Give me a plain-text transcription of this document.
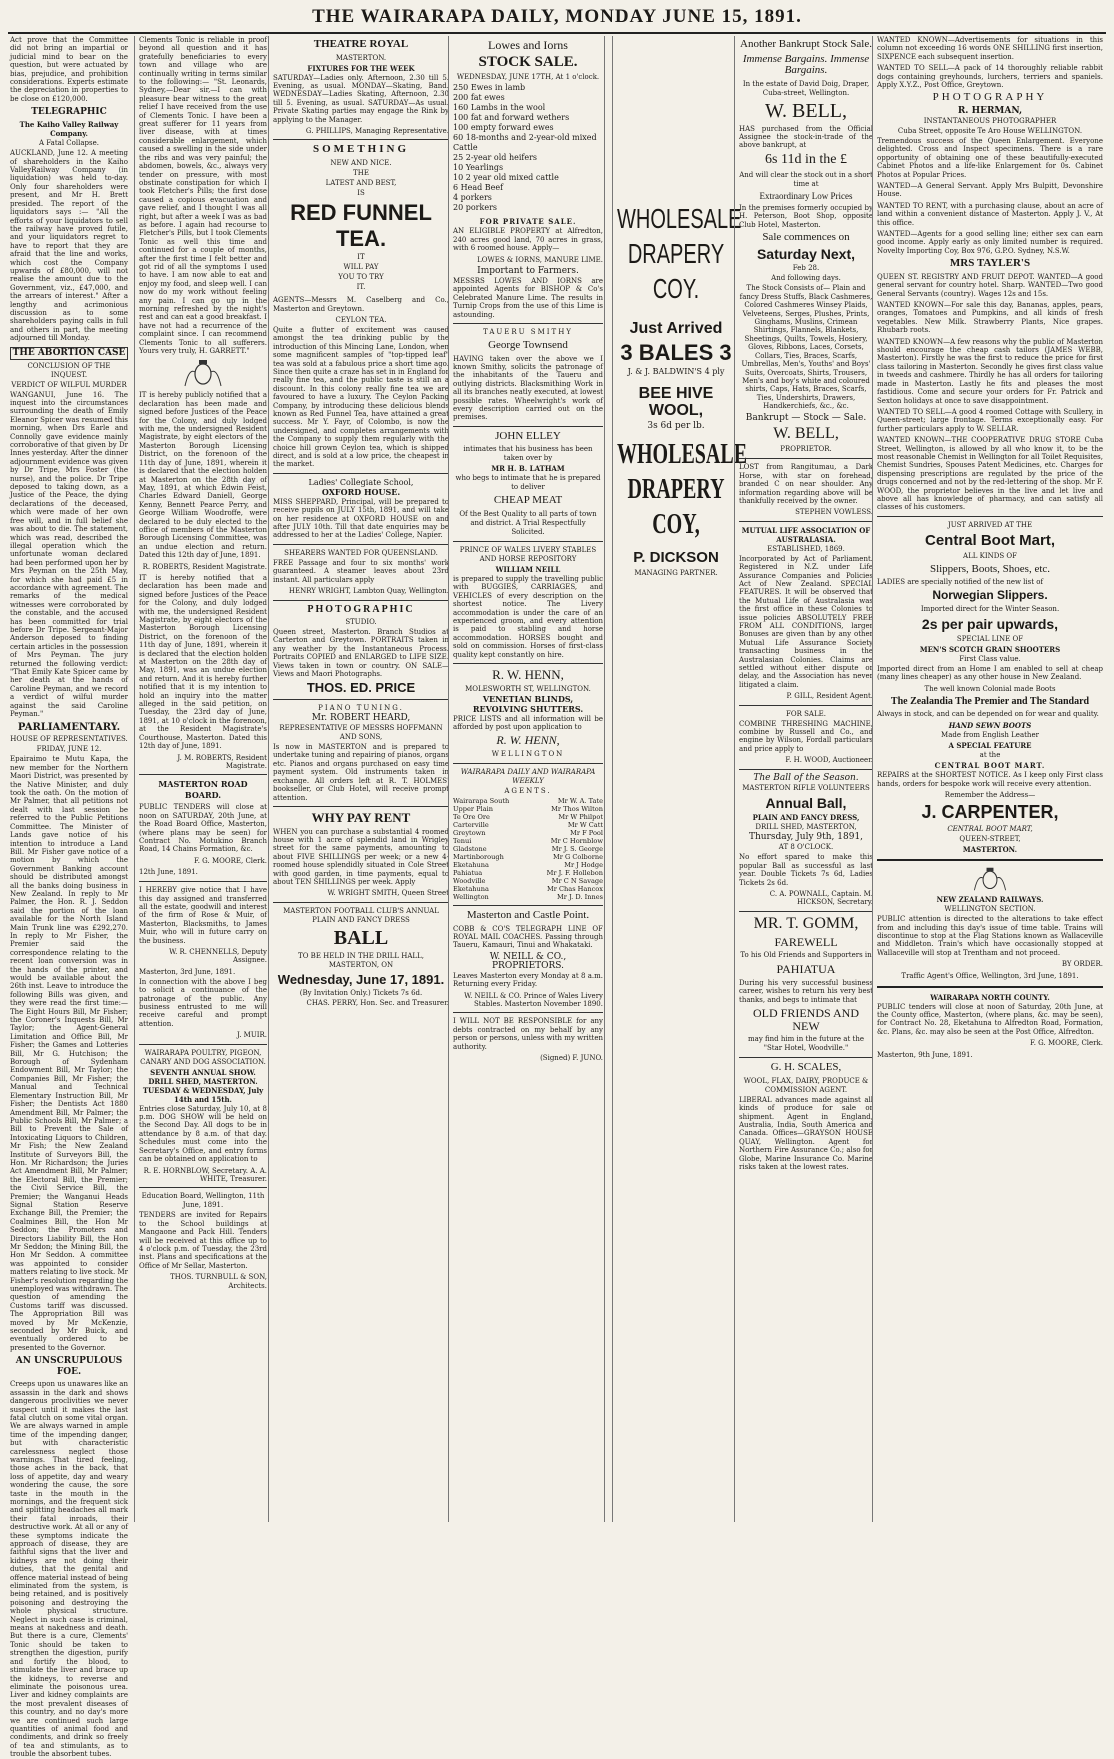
THE WAIRARAPA DAILY, MONDAY JUNE 15, 1891.

Act prove that the Committee did not bring an impartial or judicial mind to bear on the question, but were actuated by bias, prejudice, and prohibition considerations. Experts estimate the depreciation in properties to be close on £120,000.

TELEGRAPHIC
The Kaiho Valley Railway Company.
A Fatal Collapse.

AUCKLAND, June 12. A meeting of shareholders in the Kaiho ValleyRailway Company (in liquidation) was held to-day. Only four shareholders were present, and Mr H. Brett presided. The report of the liquidators says :— "All the efforts of your liquidators to sell the railway have proved futile, and your liquidators regret to have to report that they are afraid that the line and works, which cost the Company upwards of £80,000, will not realise the amount due to the Government, viz., £47,000, and the arrears of interest." After a lengthy and acrimonious discussion as to some shareholders paying calls in full and others in part, the meeting adjourned till Monday.

THE ABORTION CASE
CONCLUSION OF THE INQUEST.
VERDICT OF WILFUL MURDER

WANGANUI, June 16. The inquest into the circumstances surrounding the death of Emily Eleanor Spicer was resumed this morning, when Drs Earle and Connolly gave evidence mainly corroborative of that given by Dr Innes yesterday. After the dinner adjournment evidence was given by Dr Tripe, Mrs Foster (the nurse), and the police. Dr Tripe deposed to taking down, as a Justice of the Peace, the dying declarations of the deceased, which were made of her own free will, and in full belief she was about to die. The statement, which was read, described the illegal operation which the unfortunate woman declared had been performed upon her by Mrs Peyman on the 25th May, for which she had paid £5 in accordance with agreement. The remarks of the medical witnesses were corroborated by the constable, and the accused has been committed for trial before Dr Tripe. Sergeant-Major Anderson deposed to finding certain articles in the possession of Mrs Peyman. The jury returned the following verdict: "That Emily Kate Spicer came by her death at the hands of Caroline Peyman, and we record a verdict of wilful murder against the said Caroline Peyman."

PARLIAMENTARY.
HOUSE OF REPRESENTATIVES.
FRIDAY, JUNE 12.

Epairaimo te Mutu Kapa, the new member for the Northern Maori District, was presented by the Native Minister, and duly took the oath. On the motion of Mr Palmer, that all petitions not dealt with last session be referred to the Public Petitions Committee. The Minister of Lands gave notice of his intention to introduce a Land Bill. Mr Fisher gave notice of a motion by which the Government Banking account should be distributed amongst all the banks doing business in New Zealand. In reply to Mr Palmer, the Hon. R. J. Seddon said the portion of the loan available for the North Island Main Trunk line was £292,270. In reply to Mr Fisher, the Premier said the correspondence relating to the recent loan conversion was in the hands of the printer, and would be available about the 26th inst. Leave to introduce the following Bills was given, and they were read the first time:—The Eight Hours Bill, Mr Fisher; the Coroner's Inquests Bill, Mr Taylor; the Agent-General Limitation and Office Bill, Mr Fisher; the Games and Lotteries Bill, Mr G. Hutchison; the Borough of Sydenham Endowment Bill, Mr Taylor; the Companies Bill, Mr Fisher; the Manual and Technical Elementary Instruction Bill, Mr Fisher; the Dentists Act 1880 Amendment Bill, Mr Palmer; the Public Schools Bill, Mr Palmer; a Bill to Prevent the Sale of Intoxicating Liquors to Children, Mr Fish; the New Zealand Institute of Surveyors Bill, the Hon. Mr Richardson; the Juries Act Amendment Bill, Mr Palmer; the Electoral Bill, the Premier; the Civil Service Bill, the Premier; the Wanganui Heads Signal Station Reserve Exchange Bill, the Premier; the Coalmines Bill, the Hon Mr Seddon; the Promoters and Directors Liability Bill, the Hon Mr Seddon; the Mining Bill, the Hon Mr Seddon. A committee was appointed to consider matters relating to live stock. Mr Fisher's resolution regarding the unemployed was withdrawn. The question of amending the Customs tariff was discussed. The Appropriation Bill was moved by Mr McKenzie, seconded by Mr Buick, and eventually ordered to be presented to the Governor.

AN UNSCRUPULOUS FOE.

Creeps upon us unawares like an assassin in the dark and shows dangerous proclivities we never suspect until it makes the last fatal clutch on some vital organ. We are always warned in ample time of the impending danger, but with characteristic carelessness neglect those warnings. That tired feeling, those aches in the back, that loss of appetite, day and weary wondering the cause, the sore taste in the mouth in the mornings, and the frequent sick and splitting headaches all mark their fatal inroads, their destructive work. At all or any of these symptoms indicate the approach of disease, they are faithful signs that the liver and kidneys are not doing their duties, that the genital and offence material instead of being eliminated from the system, is being retained, and is positively poisoning and destroying the whole physical structure. Neglect in such case is criminal, means at nakedness and death. But there is a cure, Clements' Tonic should be taken to strengthen the digestion, purify and fortify the blood, to stimulate the liver and brace up the kidneys, to reverse and eliminate the poisonous urea. Liver and kidney complaints are the most prevalent diseases of this country, and no day's more we are continued such large quantities of animal food and condiments, and drink so freely of tea and stimulants, as to trouble the absorbent tubes.

Clements Tonic is reliable in proof beyond all question and it has gratefully beneficiaries to every town and village who are continually writing in terms similar to the following:— "St. Leonards, Sydney,—Dear sir,—I can with pleasure bear witness to the great relief I have received from the use of Clements Tonic. I have been a great sufferer for 11 years from liver disease, with at times considerable enlargement, which caused a swelling in the side under the ribs and was very painful; the abdomen, bowels, &c., always very tender on pressure, with most obstinate constipation for which I took Fletcher's Pills; the first dose caused a copious evacuation and gave relief, and I thought I was all right, but after a week I was as bad as before. I again had recourse to Fletcher's Pills, but I took Clements Tonic as well this time and continued for a couple of months, after the first time I felt better and got rid of all the symptoms I used to have. I am now able to eat and enjoy my food, and sleep well. I can now do my work without feeling any pain. I can go up in the morning refreshed by the night's rest and can eat a good breakfast. I have not had a recurrence of the complaint since. I can recommend Clements Tonic to all sufferers. Yours very truly, H. GARRETT."

IT is hereby publicly notified that a declaration has been made and signed before Justices of the Peace for the Colony, and duly lodged with me, the undersigned Resident Magistrate, by eight electors of the Masterton Borough Licensing District, on the forenoon of the 11th day of June, 1891, wherein it is declared that the election holden at Masterton on the 28th day of May, 1891, at which Edwin Feist, Charles Edward Daniell, George Kenny, Bennett Pearce Perry, and George William Woodroffe, were declared to be duly elected to the office of members of the Masterton Borough Licensing Committee, was an undue election and return. Dated this 12th day of June, 1891.

R. ROBERTS, Resident Magistrate.

IT is hereby notified that a declaration has been made and signed before Justices of the Peace for the Colony, and duly lodged with me, the undersigned Resident Magistrate, by eight electors of the Masterton Borough Licensing District, on the forenoon of the 11th day of June, 1891, wherein it is declared that the election holden at Masterton on the 28th day of May, 1891, was an undue election and return. And it is hereby further notified that it is my intention to hold an inquiry into the matter alleged in the said petition, on Tuesday, the 23rd day of June, 1891, at 10 o'clock in the forenoon, at the Resident Magistrate's Courthouse, Masterton. Dated this 12th day of June, 1891.

J. M. ROBERTS, Resident Magistrate.
MASTERTON ROAD BOARD.

PUBLIC TENDERS will close at noon on SATURDAY, 20th June, at the Road Board Office, Masterton, (where plans may be seen) for Contract No. Motukino Branch Road, 14 Chains Formation, &c.

F. G. MOORE, Clerk.
12th June, 1891.

I HEREBY give notice that I have this day assigned and transferred all the estate, goodwill and interest of the firm of Rose & Muir, of Masterton, Blacksmiths, to James Muir, who will in future carry on the business.

W. R. CHENNELLS, Deputy Assignee.
Masterton, 3rd June, 1891.

In connection with the above I beg to solicit a continuance of the patronage of the public. Any business entrusted to me will receive careful and prompt attention.

J. MUIR.
WAIRARAPA POULTRY, PIGEON, CANARY AND DOG ASSOCIATION.
SEVENTH ANNUAL SHOW. DRILL SHED, MASTERTON. TUESDAY & WEDNESDAY, July 14th and 15th.

Entries close Saturday, July 10, at 8 p.m. DOG SHOW will be held on the Second Day. All dogs to be in attendance by 8 a.m. of that day. Schedules must come into the Secretary's Office, and entry forms can be obtained on application to

R. E. HORNBLOW, Secretary. A. A. WHITE, Treasurer.
Education Board, Wellington, 11th June, 1891.

TENDERS are invited for Repairs to the School buildings at Mangaone and Pack Hill. Tenders will be received at this office up to 4 o'clock p.m. of Tuesday, the 23rd inst. Plans and specifications at the Office of Mr Sellar, Masterton.

THOS. TURNBULL & SON, Architects.
THEATRE ROYAL
MASTERTON.
FIXTURES FOR THE WEEK

SATURDAY—Ladies only. Afternoon, 2.30 till 5. Evening, as usual. MONDAY—Skating, Band. WEDNESDAY—Ladies Skating, Afternoon, 2.30 till 5. Evening, as usual. SATURDAY—As usual. Private Skating parties may engage the Rink by applying to the Manager.

G. PHILLIPS, Managing Representative.
SOMETHING
NEW AND NICE.
THE
LATEST AND BEST,
IS
RED FUNNEL
TEA.
IT
WILL PAY
YOU TO TRY
IT.

AGENTS—Messrs M. Caselberg and Co., Masterton and Greytown.

CEYLON TEA.

Quite a flutter of excitement was caused amongst the tea drinking public by the introduction of this Mincing Lane, London, when some magnificent samples of "top-tipped leaf" tea was sold at a fabulous price a short time ago. Since then quite a craze has set in in England for really fine tea, and the public taste is still an a discount. In this colony really fine tea we are favoured to have a luxury. The Ceylon Packing Company, by introducing these delicious blends known as Red Funnel Tea, have attained a great success. Mr Y. Fayr, of Colombo, is now the undersigned, and completes arrangements with the Company to supply them regularly with the choice hill grown Ceylon tea, which is shipped direct, and is sold at a low price, the cheapest in the market.

Ladies' Collegiate School,
OXFORD HOUSE.

MISS SHEPPARD, Principal, will be prepared to receive pupils on JULY 15th, 1891, and will take on her residence at OXFORD HOUSE on and after JULY 10th. Till that date enquiries may be addressed to her at the Ladies' College, Napier.

SHEARERS WANTED FOR QUEENSLAND.

FREE Passage and four to six months' work guaranteed. A steamer leaves about 23rd instant. All particulars apply

HENRY WRIGHT, Lambton Quay, Wellington.
PHOTOGRAPHIC
STUDIO.

Queen street, Masterton. Branch Studios at Carterton and Greytown. PORTRAITS taken in any weather by the Instantaneous Process. Portraits COPIED and ENLARGED to LIFE SIZE. Views taken in town or country. ON SALE—Views and Maori Photographs.

THOS. ED. PRICE
PIANO TUNING.
Mr. ROBERT HEARD,
REPRESENTATIVE OF MESSRS HOFFMANN AND SONS,

Is now in MASTERTON and is prepared to undertake tuning and repairing of pianos, organs etc. Pianos and organs purchased on easy time payment system. Old instruments taken in exchange. All orders left at R. T. HOLMES' bookseller, or Club Hotel, will receive prompt attention.

WHY PAY RENT

WHEN you can purchase a substantial 4 roomed house with 1 acre of splendid land in Wrigley street for the same payments, amounting to about FIVE SHILLINGS per week; or a new 4-roomed house splendidly situated in Cole Street with good garden, in time payments, equal to about TEN SHILLINGS per week. Apply

W. WRIGHT SMITH, Queen Street
MASTERTON FOOTBALL CLUB'S ANNUAL PLAIN AND FANCY DRESS
BALL
TO BE HELD IN THE DRILL HALL, MASTERTON, ON
Wednesday, June 17, 1891.
(By Invitation Only.) Tickets 7s 6d.
CHAS. PERRY, Hon. Sec. and Treasurer.
Lowes and Iorns
STOCK SALE.
WEDNESDAY, JUNE 17TH, At 1 o'clock.
250 Ewes in lamb
200 fat ewes
160 Lambs in the wool
100 fat and forward wethers
100 empty forward ewes
60 18-months and 2-year-old mixed Cattle
25 2-year old heifers
10 Yearlings
10 2 year old mixed cattle
6 Head Beef
4 porkers
20 porkers
FOR PRIVATE SALE.

AN ELIGIBLE PROPERTY at Alfredton, 240 acres good land, 70 acres in grass, with 6 roomed house. Apply—

LOWES & IORNS, MANURE LIME.
Important to Farmers.

MESSRS LOWES AND IORNS are appointed Agents for BISHOP & Co's Celebrated Manure Lime. The results in Turnip Crops from the use of this Lime is astounding.

TAUERU SMITHY
George Townsend

HAVING taken over the above we I known Smithy, solicits the patronage of the inhabitants of the Taueru and outlying districts. Blacksmithing Work in all its branches neatly executed, at lowest possible rates. Wheelwright's work of every description carried out on the premises.

JOHN ELLEY
intimates that his business has been taken over by
MR H. B. LATHAM
who begs to intimate that he is prepared to deliver
CHEAP MEAT
Of the Best Quality to all parts of town and district. A Trial Respectfully Solicited.
PRINCE OF WALES LIVERY STABLES AND HORSE REPOSITORY
WILLIAM NEILL

is prepared to supply the travelling public with BUGGIES, CARRIAGES, and VEHICLES of every description on the shortest notice. The Livery accommodation is under the care of an experienced groom, and every attention is paid to stabling and horse accommodation. HORSES bought and sold on commission. Horses of first-class quality kept constantly on hire.

R. W. HENN,
MOLESWORTH ST, WELLINGTON.
VENETIAN BLINDS,
REVOLVING SHUTTERS.

PRICE LISTS and all information will be afforded by post upon application to

R. W. HENN,
WELLINGTON
WAIRARAPA DAILY AND WAIRARAPA WEEKLY
AGENTS.
Wairarapa South	Mr W. A. Tate
Upper Plain	Mr Thos Wilton
Te Ore Ore	Mr W Philpot
Carterville	Mr W Catt
Greytown	Mr F Pool
Tenui	Mr C Hornblow
Gladstone	Mr J. S. George
Martinborough	Mr G Colborne
Eketahuna	Mr J Hodge
Pahiatua	Mr J. F. Hollebon
Woodville	Mr C N Savage
Eketahuna	Mr Chas Hancox
Wellington	Mr J. D. Innes
Masterton and Castle Point.

COBB & CO'S TELEGRAPH LINE OF ROYAL MAIL COACHES. Passing through Taueru, Kamauri, Tinui and Whakataki.

W. NEILL & CO., PROPRIETORS.

Leaves Masterton every Monday at 8 a.m. Returning every Friday.

W. NEILL & CO. Prince of Wales Livery Stables. Masterton November 1890.

I WILL NOT BE RESPONSIBLE for any debts contracted on my behalf by any person or persons, unless with my written authority.

(Signed) F. JUNO.
WHOLESALE
DRAPERY
COY.
Just Arrived
3 BALES 3
J. & J. BALDWIN'S 4 ply
BEE HIVE WOOL,
3s 6d per lb.
WHOLESALE
DRAPERY
COY,
P. DICKSON
MANAGING PARTNER.
Another Bankrupt Stock Sale.
Immense Bargains. Immense Bargains.
In the estate of David Doig, Draper, Cuba-street, Wellington.
W. BELL,

HAS purchased from the Official Assignee the stock-in-trade of the above bankrupt, at

6s 11d in the £
And will clear the stock out in a short time at
Extraordinary Low Prices

In the premises formerly occupied by H. Peterson, Boot Shop, opposite Club Hotel, Masterton.

Sale commences on
Saturday Next,
Feb 28.
And following days.

The Stock Consists of— Plain and fancy Dress Stuffs, Black Cashmeres, Colored Cashmeres Winsey Plaids, Velveteens, Serges, Plushes, Prints, Ginghams, Muslins, Crimean Shirtings, Flannels, Blankets, Sheetings, Quilts, Towels, Hosiery, Gloves, Ribbons, Laces, Corsets, Collars, Ties, Braces, Scarfs, Umbrellas, Men's, Youths' and Boys' Suits, Overcoats, Shirts, Trousers, Men's and boy's white and coloured shirts, Caps, Hats, Braces, Scarfs, Ties, Undershirts, Drawers, Handkerchiefs, &c., &c.

Bankrupt — Stock — Sale.
W. BELL,
PROPRIETOR.

LOST from Rangitumau, a Dark Horse, with star on forehead, branded C on near shoulder. Any information regarding above will be thankfully received by the owner.

STEPHEN VOWLESS.
MUTUAL LIFE ASSOCIATION OF AUSTRALASIA.
ESTABLISHED, 1869.

Incorporated by Act of Parliament. Registered in N.Z. under Life Assurance Companies and Policies Act of New Zealand. SPECIAL FEATURES. It will be observed that the Mutual Life of Australasia was the first office in these Colonies to issue policies ABSOLUTELY FREE FROM ALL CONDITIONS, larger Bonuses are given than by any other Mutual Life Assurance Society transacting business in the Australasian Colonies. Claims are settled without either dispute or delay, and the Association has never litigated a claim.

P. GILL, Resident Agent.
FOR SALE.

COMBINE THRESHING MACHINE, combine by Russell and Co., and engine by Wilson, Fordall particulars and price apply to

F. H. WOOD, Auctioneer.
The Ball of the Season.
MASTERTON RIFLE VOLUNTEERS
Annual Ball,
PLAIN AND FANCY DRESS,
DRILL SHED, MASTERTON,
Thursday, July 9th, 1891,
AT 8 O'CLOCK.

No effort spared to make this popular Ball as successful as last year. Double Tickets 7s 6d, Ladies Tickets 2s 6d.

C. A. POWNALL, Captain. M. HICKSON, Secretary.
MR. T. GOMM,
FAREWELL
To his Old Friends and Supporters in
PAHIATUA

During his very successful business career, wishes to return his very best thanks, and begs to intimate that

OLD FRIENDS AND NEW
may find him in the future at the "Star Hotel, Woodville."
G. H. SCALES,
WOOL, FLAX, DAIRY, PRODUCE & COMMISSION AGENT.

LIBERAL advances made against all kinds of produce for sale or shipment. Agent in England, Australia, India, South America and Canada. Offices—GRAYSON HOUSE QUAY, Wellington. Agent for Northern Fire Assurance Co.; also for Globe, Marine Insurance Co. Marine risks taken at the lowest rates.

WANTED KNOWN—Advertisements for situations in this column not exceeding 16 words ONE SHILLING first insertion, SIXPENCE each subsequent insertion.

WANTED TO SELL—A pack of 14 thoroughly reliable rabbit dogs containing greyhounds, lurchers, terriers and spaniels. Apply X.Y.Z., Post Office, Greytown.

PHOTOGRAPHY
R. HERMAN,
INSTANTANEOUS PHOTOGRAPHER
Cuba Street, opposite Te Aro House WELLINGTON.

Tremendous success of the Queen Enlargement. Everyone delighted. Cross and Inspect specimens. There is a rare opportunity of obtaining one of these beautifully-executed Cabinet Photos and a life-like Enlargement for 0s. Cabinet Photos at Popular Prices.

WANTED—A General Servant. Apply Mrs Bulpitt, Devonshire House.

WANTED TO RENT, with a purchasing clause, about an acre of land within a convenient distance of Masterton. Apply J. V., At this office.

WANTED—Agents for a good selling line; either sex can earn good income. Apply early as only limited number is required. Novelty Importing Coy, Box 976, G.P.O. Sydney, N.S.W.

MRS TAYLER'S

QUEEN ST. REGISTRY AND FRUIT DEPOT. WANTED—A good general servant for country hotel. Sharp. WANTED—Two good General Servants (country). Wages 12s and 15s.

WANTED KNOWN—For sale this day, Bananas, apples, pears, oranges, Tomatoes and Pumpkins, and all kinds of fresh vegetables. New Milk. Strawberry Plants, Nice grapes. Rhubarb roots.

WANTED KNOWN—A few reasons why the public of Masterton should encourage the cheap cash tailors (JAMES WEBB, Masterton). Firstly he was the first to reduce the price for first class tailoring in Masterton. Secondly he gives first class value in tweeds and cashmere. Thirdly he has all orders for tailoring made in Masterton. Lastly he fits and pleases the most fastidious. Come and secure your orders for Fr. Patrick and Sexton holidays at once to save disappointment.

WANTED TO SELL—A good 4 roomed Cottage with Scullery, in Queen-street; large frontage. Terms exceptionally easy. For further particulars apply to W. SELLAR.

WANTED KNOWN—THE COOPERATIVE DRUG STORE Cuba Street, Wellington, is allowed by all who know it, to be the most reasonable Chemist in Wellington for all Toilet Requisites, Chemist Sundries, Spouses Patent Medicines, etc. Charges for dispensing prescriptions are regulated by the price of the drugs concerned and not by the red-lettering of the shop. Mr F. WOOD, the proprietor believes in the live and let live and above all has knowledge of pharmacy, and can satisfy all classes of his customers.

JUST ARRIVED AT THE
Central Boot Mart,
ALL KINDS OF
Slippers, Boots, Shoes, etc.

LADIES are specially notified of the new list of

Norwegian Slippers.
Imported direct for the Winter Season.
2s per pair upwards,
SPECIAL LINE OF
MEN'S SCOTCH GRAIN SHOOTERS
First Class value.

Imported direct from an Home I am enabled to sell at cheap (many lines cheaper) as any other house in New Zealand.

The well known Colonial made Boots
The Zealandia The Premier and The Standard

Always in stock, and can be depended on for wear and quality.

HAND SEWN BOOTS
Made from English Leather
A SPECIAL FEATURE
at the
CENTRAL BOOT MART.

REPAIRS at the SHORTEST NOTICE. As I keep only First class hands, orders for bespoke work will receive every attention.

Remember the Address—
J. CARPENTER,
CENTRAL BOOT MART,
QUEEN-STREET,
MASTERTON.
NEW ZEALAND RAILWAYS.
WELLINGTON SECTION.

PUBLIC attention is directed to the alterations to take effect from and including this day's issue of time table. Trains will discontinue to stop at the Flag Stations known as Wallaceville and Middleton. Train's which have occasionally stopped at Wallaceville will stop at Trentham and not proceed.

BY ORDER.
Traffic Agent's Office, Wellington, 3rd June, 1891.
WAIRARAPA NORTH COUNTY.

PUBLIC tenders will close at noon of Saturday, 20th June, at the County office, Masterton, (where plans, &c. may be seen), for Contract No. 28, Eketahuna to Alfredton Road, Formation, &c. Plans, &c. may also be seen at the Post Office, Alfredton.

F. G. MOORE, Clerk.
Masterton, 9th June, 1891.
